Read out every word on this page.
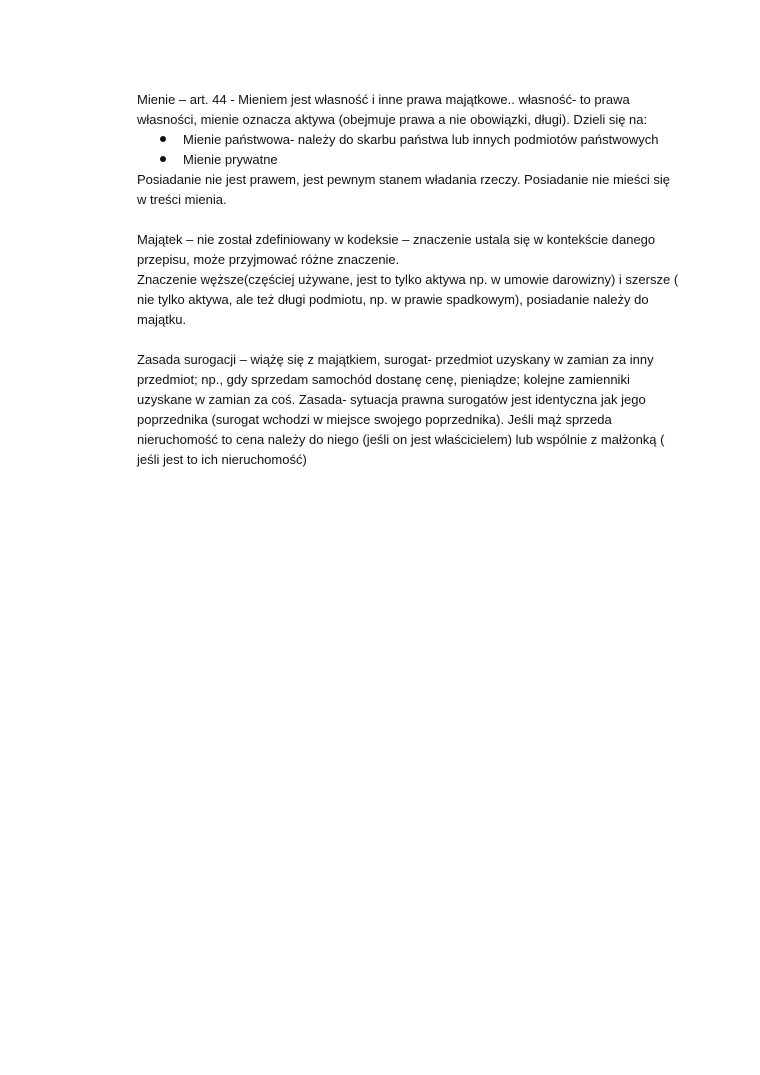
Mienie – art. 44 - Mieniem jest własność i inne prawa majątkowe.. własność- to prawa
własności, mienie oznacza aktywa (obejmuje prawa a nie obowiązki, długi). Dzieli się na:
Mienie państwowa- należy do skarbu państwa lub innych podmiotów państwowych
Mienie prywatne
Posiadanie nie jest prawem, jest pewnym stanem władania rzeczy. Posiadanie nie mieści się
w treści mienia.
Majątek – nie został zdefiniowany w kodeksie – znaczenie ustala się w kontekście danego
przepisu, może przyjmować różne znaczenie.
Znaczenie węższe(częściej używane, jest to tylko aktywa np. w umowie darowizny) i szersze (
nie tylko aktywa, ale też długi podmiotu, np. w prawie spadkowym), posiadanie należy do
majątku.
Zasada surogacji – wiążę się z majątkiem, surogat- przedmiot uzyskany w zamian za inny
przedmiot; np., gdy sprzedam samochód dostanę cenę, pieniądze; kolejne zamienniki
uzyskane w zamian za coś. Zasada- sytuacja prawna surogatów jest identyczna jak jego
poprzednika (surogat wchodzi w miejsce swojego poprzednika). Jeśli mąż sprzeda
nieruchomość to cena należy do niego (jeśli on jest właścicielem) lub wspólnie z małżonką (
jeśli jest to ich nieruchomość)
